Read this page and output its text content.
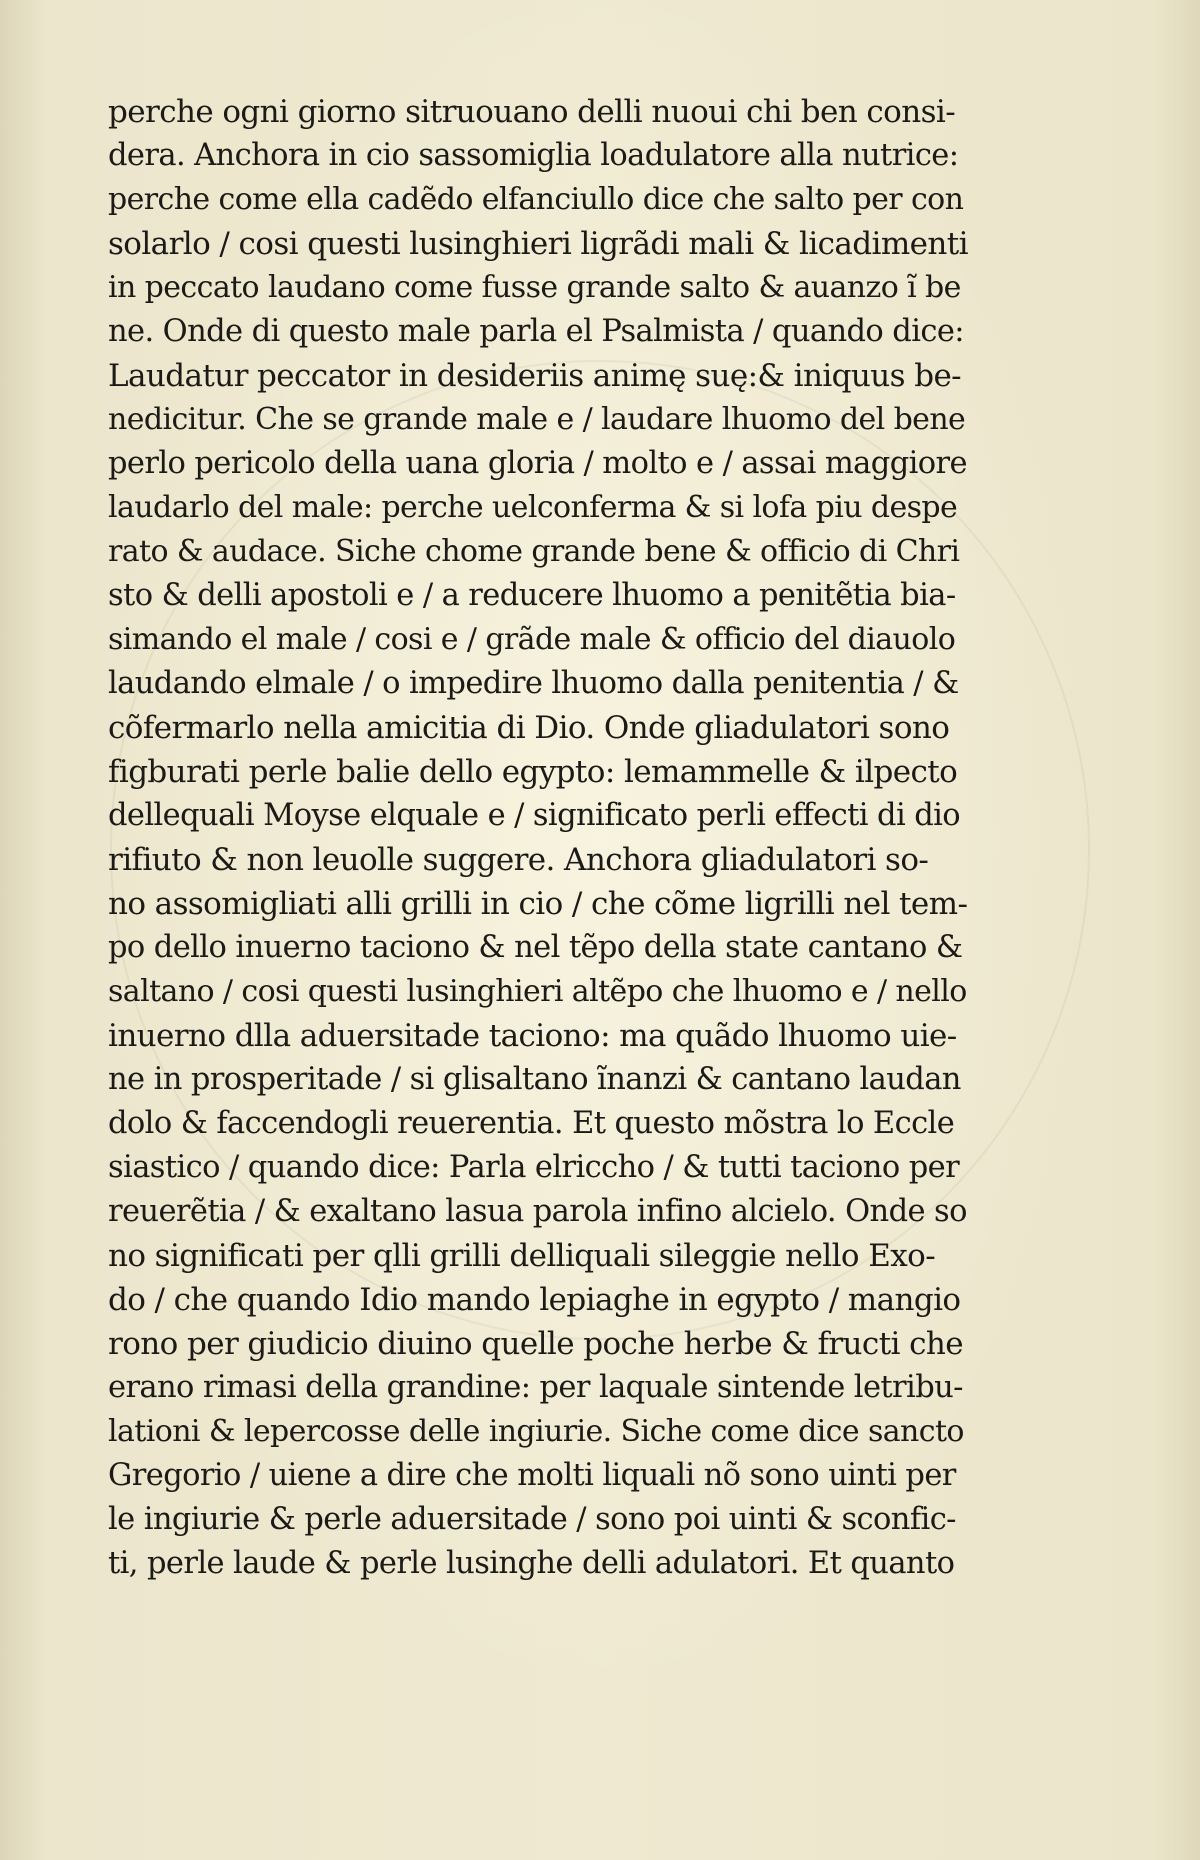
perche ogni giorno sitruouano delli nuoui chi ben consi-
dera. Anchora in cio sassomiglia loadulatore alla nutrice:
perche come ella cadẽdo elfanciullo dice che salto per con
solarlo / cosi questi lusinghieri ligrãdi mali & licadimenti
in peccato laudano come fusse grande salto & auanzo ĩ be
ne. Onde di questo male parla el Psalmista / quando dice:
Laudatur peccator in desideriis animę suę:& iniquus be-
nedicitur. Che se grande male e / laudare lhuomo del bene
perlo pericolo della uana gloria / molto e / assai maggiore
laudarlo del male: perche uelconferma & si lofa piu despe
rato & audace. Siche chome grande bene & officio di Chri
sto & delli apostoli e / a reducere lhuomo a penitẽtia bia-
simando el male / cosi e / grãde male & officio del diauolo
laudando elmale / o impedire lhuomo dalla penitentia / &
cõfermarlo nella amicitia di Dio. Onde gliadulatori sono
figburati perle balie dello egypto: lemammelle & ilpecto
dellequali Moyse elquale e / significato perli effecti di dio
rifiuto & non leuolle suggere. Anchora gliadulatori so-
no assomigliati alli grilli in cio / che cõme ligrilli nel tem-
po dello inuerno taciono & nel tẽpo della state cantano &
saltano / cosi questi lusinghieri altẽpo che lhuomo e / nello
inuerno dlla aduersitade taciono: ma quãdo lhuomo uie-
ne in prosperitade / si glisaltano ĩnanzi & cantano laudan
dolo & faccendogli reuerentia. Et questo mõstra lo Eccle
siastico / quando dice: Parla elriccho / & tutti taciono per
reuerẽtia / & exaltano lasua parola infino alcielo. Onde so
no significati per qlli grilli delliquali sileggie nello Exo-
do / che quando Idio mando lepiaghe in egypto / mangio
rono per giudicio diuino quelle poche herbe & fructi che
erano rimasi della grandine: per laquale sintende letribu-
lationi & lepercosse delle ingiurie. Siche come dice sancto
Gregorio / uiene a dire che molti liquali nõ sono uinti per
le ingiurie & perle aduersitade / sono poi uinti & sconfic-
ti, perle laude & perle lusinghe delli adulatori. Et quanto
